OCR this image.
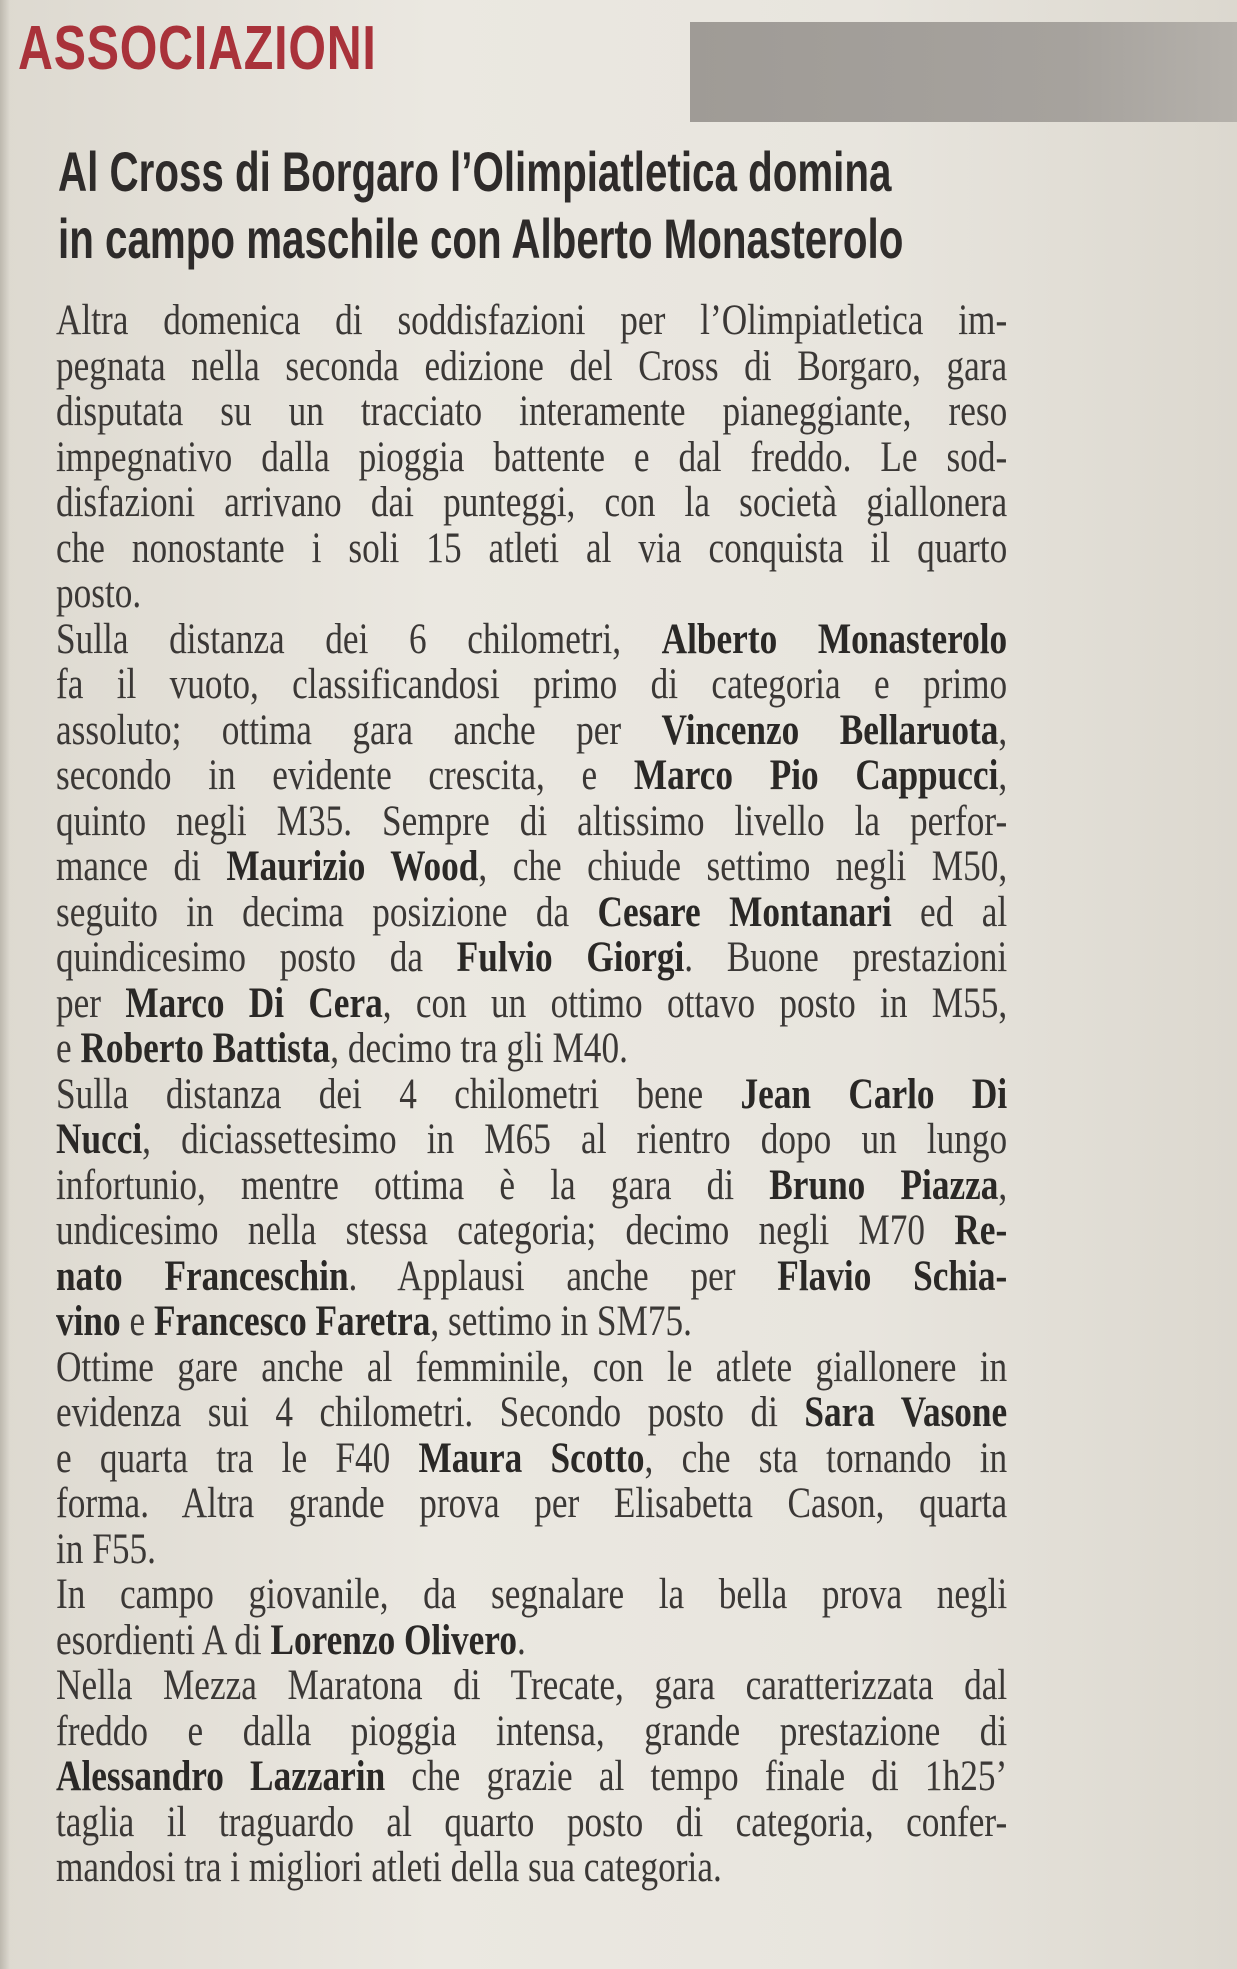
ASSOCIAZIONI
Al Cross di Borgaro l’Olimpiatletica domina
in campo maschile con Alberto Monasterolo
Altra domenica di soddisfazioni per l’Olimpiatletica im-
pegnata nella seconda edizione del Cross di Borgaro, gara
disputata su un tracciato interamente pianeggiante, reso
impegnativo dalla pioggia battente e dal freddo. Le sod-
disfazioni arrivano dai punteggi, con la società giallonera
che nonostante i soli 15 atleti al via conquista il quarto
posto.
Sulla distanza dei 6 chilometri, Alberto Monasterolo
fa il vuoto, classificandosi primo di categoria e primo
assoluto; ottima gara anche per Vincenzo Bellaruota,
secondo in evidente crescita, e Marco Pio Cappucci,
quinto negli M35. Sempre di altissimo livello la perfor-
mance di Maurizio Wood, che chiude settimo negli M50,
seguito in decima posizione da Cesare Montanari ed al
quindicesimo posto da Fulvio Giorgi. Buone prestazioni
per Marco Di Cera, con un ottimo ottavo posto in M55,
e Roberto Battista, decimo tra gli M40.
Sulla distanza dei 4 chilometri bene Jean Carlo Di
Nucci, diciassettesimo in M65 al rientro dopo un lungo
infortunio, mentre ottima è la gara di Bruno Piazza,
undicesimo nella stessa categoria; decimo negli M70 Re-
nato Franceschin. Applausi anche per Flavio Schia-
vino e Francesco Faretra, settimo in SM75.
Ottime gare anche al femminile, con le atlete giallonere in
evidenza sui 4 chilometri. Secondo posto di Sara Vasone
e quarta tra le F40 Maura Scotto, che sta tornando in
forma. Altra grande prova per Elisabetta Cason, quarta
in F55.
In campo giovanile, da segnalare la bella prova negli
esordienti A di Lorenzo Olivero.
Nella Mezza Maratona di Trecate, gara caratterizzata dal
freddo e dalla pioggia intensa, grande prestazione di
Alessandro Lazzarin che grazie al tempo finale di 1h25’
taglia il traguardo al quarto posto di categoria, confer-
mandosi tra i migliori atleti della sua categoria.
